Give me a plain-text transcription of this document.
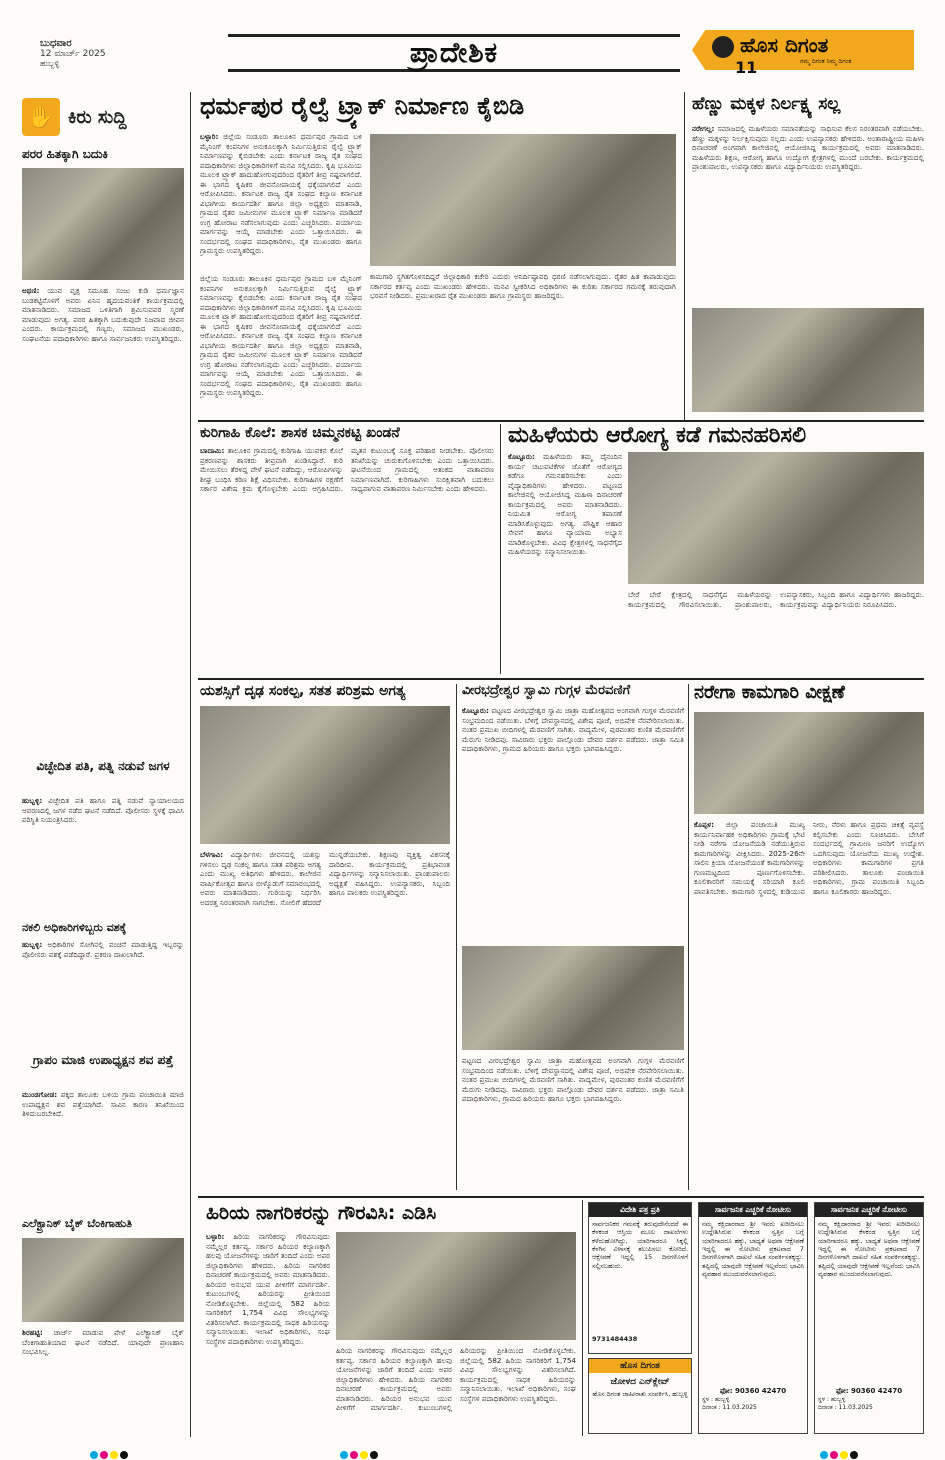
ಬುಧವಾರ
12 ಮಾರ್ಚ್ 2025
ಹುಬ್ಬಳ್ಳಿ	ಪ್ರಾದೇಶಿಕ	ಹೊಸ ದಿಗಂತ
11	ನಮ್ಮ ದಿಗಂತ ನಿಮ್ಮ ದಿಗಂತ
✋ ಕಿರು ಸುದ್ದಿ
ಪರರ ಹಿತಕ್ಕಾಗಿ ಬದುಕಿ
ಅಥಣಿ: ಯುವ ವೃಕ್ಷ ಸಮೂಹ ಸಂಜು ಕುಡಿ ಧರ್ಮಜ್ಞಾನ ಬುಡಕಟ್ಟಿನೊಳಗೆ ಅವರು ಏನಿನ ಹೃದಯವಂತಿಕೆ ಕಾರ್ಯಕ್ರಮದಲ್ಲಿ ಮಾತನಾಡಿದರು. ಸಮಾಜದ ಒಳಿತಿಗಾಗಿ ಶ್ರಮಿಸುವವರ ಸ್ಮರಣೆ ಮಾಡುವುದು ಅಗತ್ಯ. ಪರರ ಹಿತಕ್ಕಾಗಿ ಬದುಕುವುದೇ ನಿಜವಾದ ಜೀವನ ಎಂದರು. ಕಾರ್ಯಕ್ರಮದಲ್ಲಿ ಗಣ್ಯರು, ಸಮಾಜದ ಮುಖಂಡರು, ಸಂಘಟನೆಯ ಪದಾಧಿಕಾರಿಗಳು ಹಾಗೂ ಸಾರ್ವಜನಿಕರು ಉಪಸ್ಥಿತರಿದ್ದರು.
ವಿಚ್ಛೇದಿತ ಪತಿ, ಪತ್ನಿ ನಡುವೆ ಜಗಳ
ಹುಬ್ಬಳ್ಳಿ: ವಿಚ್ಛೇದಿತ ಪತಿ ಹಾಗೂ ಪತ್ನಿ ನಡುವೆ ನ್ಯಾಯಾಲಯದ ಆವರಣದಲ್ಲಿ ಜಗಳ ನಡೆದ ಘಟನೆ ನಡೆದಿದೆ. ಪೊಲೀಸರು ಸ್ಥಳಕ್ಕೆ ಧಾವಿಸಿ ಪರಿಸ್ಥಿತಿ ನಿಯಂತ್ರಿಸಿದರು.
ನಕಲಿ ಅಧಿಕಾರಿಗಳಿಬ್ಬರು ವಶಕ್ಕೆ
ಹುಬ್ಬಳ್ಳಿ: ಅಧಿಕಾರಿಗಳ ಸೋಗಿನಲ್ಲಿ ವಂಚನೆ ಮಾಡುತ್ತಿದ್ದ ಇಬ್ಬರನ್ನು ಪೊಲೀಸರು ವಶಕ್ಕೆ ಪಡೆದಿದ್ದಾರೆ. ಪ್ರಕರಣ ದಾಖಲಾಗಿದೆ.
ಗ್ರಾಪಂ ಮಾಜಿ ಉಪಾಧ್ಯಕ್ಷನ ಶವ ಪತ್ತೆ
ಮುಂಡಗೋಡ: ಪಕ್ಕದ ತಾಲೂಕು ಬಳಿಯ ಗ್ರಾಮ ಪಂಚಾಯಿತಿ ಮಾಜಿ ಉಪಾಧ್ಯಕ್ಷನ ಶವ ಪತ್ತೆಯಾಗಿದೆ. ಸಾವಿನ ಕಾರಣ ತನಿಖೆಯಿಂದ ತಿಳಿದುಬರಬೇಕಿದೆ.
ಎಲೆಕ್ಟ್ರಾನಿಕ್ ಬೈಕ್ ಬೆಂಕಿಗಾಹುತಿ
ಶಿರಹಟ್ಟಿ: ಚಾರ್ಜ್ ಮಾಡುವ ವೇಳೆ ಎಲೆಕ್ಟ್ರಾನಿಕ್ ಬೈಕ್ ಬೆಂಕಿಗಾಹುತಿಯಾದ ಘಟನೆ ನಡೆದಿದೆ. ಯಾವುದೇ ಪ್ರಾಣಹಾನಿ ಸಂಭವಿಸಿಲ್ಲ.
ಧರ್ಮಪುರ ರೈಲ್ವೆ ಟ್ರ್ಯಾಕ್ ನಿರ್ಮಾಣ ಕೈಬಿಡಿ
ಬಳ್ಳಾರಿ: ಜಿಲ್ಲೆಯ ಸಂಡೂರು ತಾಲೂಕಿನ ಧರ್ಮಪುರ ಗ್ರಾಮದ ಬಳಿ ಮೈನಿಂಗ್ ಕಂಪನಿಗಳ ಅನುಕೂಲಕ್ಕಾಗಿ ನಿರ್ಮಿಸುತ್ತಿರುವ ರೈಲ್ವೆ ಟ್ರ್ಯಾಕ್ ನಿರ್ಮಾಣವನ್ನು ಕೈಬಿಡಬೇಕು ಎಂದು ಕರ್ನಾಟಕ ರಾಜ್ಯ ರೈತ ಸಂಘದ ಪದಾಧಿಕಾರಿಗಳು ಜಿಲ್ಲಾಧಿಕಾರಿಗಳಿಗೆ ಮನವಿ ಸಲ್ಲಿಸಿದರು. ಕೃಷಿ ಭೂಮಿಯ ಮೂಲಕ ಟ್ರ್ಯಾಕ್ ಹಾದುಹೋಗುವುದರಿಂದ ರೈತರಿಗೆ ತೀವ್ರ ನಷ್ಟವಾಗಲಿದೆ. ಈ ಭಾಗದ ಕೃಷಿಕರ ಜೀವನೋಪಾಯಕ್ಕೆ ಧಕ್ಕೆಯಾಗಲಿದೆ ಎಂದು ಆರೋಪಿಸಿದರು. ಕರ್ನಾಟಕ ರಾಜ್ಯ ರೈತ ಸಂಘದ ಕಲ್ಯಾಣ ಕರ್ನಾಟಕ ವಿಭಾಗೀಯ ಕಾರ್ಯದರ್ಶಿ ಹಾಗೂ ಜಿಲ್ಲಾ ಅಧ್ಯಕ್ಷರು ಮಾತನಾಡಿ, ಗ್ರಾಮದ ರೈತರ ಜಮೀನುಗಳ ಮೂಲಕ ಟ್ರ್ಯಾಕ್ ನಿರ್ಮಾಣ ಮಾಡಿದರೆ ಉಗ್ರ ಹೋರಾಟ ನಡೆಸಲಾಗುವುದು ಎಂದು ಎಚ್ಚರಿಸಿದರು. ಪರ್ಯಾಯ ಮಾರ್ಗವನ್ನು ಆಯ್ಕೆ ಮಾಡಬೇಕು ಎಂದು ಒತ್ತಾಯಿಸಿದರು. ಈ ಸಂದರ್ಭದಲ್ಲಿ ಸಂಘದ ಪದಾಧಿಕಾರಿಗಳು, ರೈತ ಮುಖಂಡರು ಹಾಗೂ ಗ್ರಾಮಸ್ಥರು ಉಪಸ್ಥಿತರಿದ್ದರು.
ಜಿಲ್ಲೆಯ ಸಂಡೂರು ತಾಲೂಕಿನ ಧರ್ಮಪುರ ಗ್ರಾಮದ ಬಳಿ ಮೈನಿಂಗ್ ಕಂಪನಿಗಳ ಅನುಕೂಲಕ್ಕಾಗಿ ನಿರ್ಮಿಸುತ್ತಿರುವ ರೈಲ್ವೆ ಟ್ರ್ಯಾಕ್ ನಿರ್ಮಾಣವನ್ನು ಕೈಬಿಡಬೇಕು ಎಂದು ಕರ್ನಾಟಕ ರಾಜ್ಯ ರೈತ ಸಂಘದ ಪದಾಧಿಕಾರಿಗಳು ಜಿಲ್ಲಾಧಿಕಾರಿಗಳಿಗೆ ಮನವಿ ಸಲ್ಲಿಸಿದರು. ಕೃಷಿ ಭೂಮಿಯ ಮೂಲಕ ಟ್ರ್ಯಾಕ್ ಹಾದುಹೋಗುವುದರಿಂದ ರೈತರಿಗೆ ತೀವ್ರ ನಷ್ಟವಾಗಲಿದೆ. ಈ ಭಾಗದ ಕೃಷಿಕರ ಜೀವನೋಪಾಯಕ್ಕೆ ಧಕ್ಕೆಯಾಗಲಿದೆ ಎಂದು ಆರೋಪಿಸಿದರು. ಕರ್ನಾಟಕ ರಾಜ್ಯ ರೈತ ಸಂಘದ ಕಲ್ಯಾಣ ಕರ್ನಾಟಕ ವಿಭಾಗೀಯ ಕಾರ್ಯದರ್ಶಿ ಹಾಗೂ ಜಿಲ್ಲಾ ಅಧ್ಯಕ್ಷರು ಮಾತನಾಡಿ, ಗ್ರಾಮದ ರೈತರ ಜಮೀನುಗಳ ಮೂಲಕ ಟ್ರ್ಯಾಕ್ ನಿರ್ಮಾಣ ಮಾಡಿದರೆ ಉಗ್ರ ಹೋರಾಟ ನಡೆಸಲಾಗುವುದು ಎಂದು ಎಚ್ಚರಿಸಿದರು. ಪರ್ಯಾಯ ಮಾರ್ಗವನ್ನು ಆಯ್ಕೆ ಮಾಡಬೇಕು ಎಂದು ಒತ್ತಾಯಿಸಿದರು. ಈ ಸಂದರ್ಭದಲ್ಲಿ ಸಂಘದ ಪದಾಧಿಕಾರಿಗಳು, ರೈತ ಮುಖಂಡರು ಹಾಗೂ ಗ್ರಾಮಸ್ಥರು ಉಪಸ್ಥಿತರಿದ್ದರು.
ಕಾಮಗಾರಿ ಸ್ಥಗಿತಗೊಳಿಸದಿದ್ದರೆ ಜಿಲ್ಲಾಧಿಕಾರಿ ಕಚೇರಿ ಎದುರು ಅನಿರ್ದಿಷ್ಟಾವಧಿ ಧರಣಿ ನಡೆಸಲಾಗುವುದು. ರೈತರ ಹಿತ ಕಾಪಾಡುವುದು ಸರ್ಕಾರದ ಕರ್ತವ್ಯ ಎಂದು ಮುಖಂಡರು ಹೇಳಿದರು. ಮನವಿ ಸ್ವೀಕರಿಸಿದ ಅಧಿಕಾರಿಗಳು ಈ ಕುರಿತು ಸರ್ಕಾರದ ಗಮನಕ್ಕೆ ತರುವುದಾಗಿ ಭರವಸೆ ನೀಡಿದರು. ಪ್ರಮುಖರಾದ ರೈತ ಮುಖಂಡರು ಹಾಗೂ ಗ್ರಾಮಸ್ಥರು ಹಾಜರಿದ್ದರು.
ಹೆಣ್ಣು ಮಕ್ಕಳ ನಿರ್ಲಕ್ಷ್ಯ ಸಲ್ಲ
ನರೇಗಲ್ಲ: ಸಮಾಜದಲ್ಲಿ ಮಹಿಳೆಯರು ಸಮಾನತೆಯನ್ನು ಸಾಧಿಸುವ ಕೆಲಸ ನಿರಂತರವಾಗಿ ನಡೆಯಬೇಕು. ಹೆಣ್ಣು ಮಕ್ಕಳನ್ನು ನಿರ್ಲಕ್ಷಿಸುವುದು ಸಲ್ಲದು ಎಂದು ಉಪನ್ಯಾಸಕರು ಹೇಳಿದರು. ಅಂತಾರಾಷ್ಟ್ರೀಯ ಮಹಿಳಾ ದಿನಾಚರಣೆ ಅಂಗವಾಗಿ ಕಾಲೇಜಿನಲ್ಲಿ ಆಯೋಜಿಸಿದ್ದ ಕಾರ್ಯಕ್ರಮದಲ್ಲಿ ಅವರು ಮಾತನಾಡಿದರು. ಮಹಿಳೆಯರು ಶಿಕ್ಷಣ, ಆರೋಗ್ಯ ಹಾಗೂ ಉದ್ಯೋಗ ಕ್ಷೇತ್ರಗಳಲ್ಲಿ ಮುಂದೆ ಬರಬೇಕು. ಕಾರ್ಯಕ್ರಮದಲ್ಲಿ ಪ್ರಾಂಶುಪಾಲರು, ಉಪನ್ಯಾಸಕರು ಹಾಗೂ ವಿದ್ಯಾರ್ಥಿನಿಯರು ಉಪಸ್ಥಿತರಿದ್ದರು.
ಕುರಿಗಾಹಿ ಕೊಲೆ: ಶಾಸಕ ಚಿಮ್ಮನಕಟ್ಟಿ ಖಂಡನೆ
ಬಾದಾಮಿ: ತಾಲೂಕಿನ ಗ್ರಾಮದಲ್ಲಿ ಕುರಿಗಾಹಿ ಯುವಕನ ಕೊಲೆ ಪ್ರಕರಣವನ್ನು ಶಾಸಕರು ತೀವ್ರವಾಗಿ ಖಂಡಿಸಿದ್ದಾರೆ. ಕುರಿ ಮೇಯಿಸಲು ತೆರಳಿದ್ದ ವೇಳೆ ಘಟನೆ ನಡೆದಿದ್ದು, ಆರೋಪಿಗಳನ್ನು ಶೀಘ್ರ ಬಂಧಿಸಿ ಕಠಿಣ ಶಿಕ್ಷೆ ವಿಧಿಸಬೇಕು. ಕುರಿಗಾಹಿಗಳ ರಕ್ಷಣೆಗೆ ಸರ್ಕಾರ ವಿಶೇಷ ಕ್ರಮ ಕೈಗೊಳ್ಳಬೇಕು ಎಂದು ಆಗ್ರಹಿಸಿದರು. ಮೃತನ ಕುಟುಂಬಕ್ಕೆ ಸೂಕ್ತ ಪರಿಹಾರ ನೀಡಬೇಕು. ಪೊಲೀಸರು ತನಿಖೆಯನ್ನು ಚುರುಕುಗೊಳಿಸಬೇಕು ಎಂದು ಒತ್ತಾಯಿಸಿದರು. ಘಟನೆಯಿಂದ ಗ್ರಾಮದಲ್ಲಿ ಆತಂಕದ ವಾತಾವರಣ ನಿರ್ಮಾಣವಾಗಿದೆ. ಕುರಿಗಾಹಿಗಳು ಸುರಕ್ಷಿತವಾಗಿ ಬದುಕಲು ಸಾಧ್ಯವಾಗುವ ವಾತಾವರಣ ನಿರ್ಮಿಸಬೇಕು ಎಂದು ಹೇಳಿದರು.
ಮಹಿಳೆಯರು ಆರೋಗ್ಯ ಕಡೆ ಗಮನಹರಿಸಲಿ
ಕೊಟ್ಟೂರು: ಮಹಿಳೆಯರು ತಮ್ಮ ದೈನಂದಿನ ಕಾರ್ಯ ಚಟುವಟಿಕೆಗಳ ಜೊತೆಗೆ ಆರೋಗ್ಯದ ಕಡೆಗೂ ಗಮನಹರಿಸಬೇಕು ಎಂದು ವೈದ್ಯಾಧಿಕಾರಿಗಳು ಹೇಳಿದರು. ಪಟ್ಟಣದ ಕಾಲೇಜಿನಲ್ಲಿ ಆಯೋಜಿಸಿದ್ದ ಮಹಿಳಾ ದಿನಾಚರಣೆ ಕಾರ್ಯಕ್ರಮದಲ್ಲಿ ಅವರು ಮಾತನಾಡಿದರು. ನಿಯಮಿತ ಆರೋಗ್ಯ ತಪಾಸಣೆ ಮಾಡಿಸಿಕೊಳ್ಳುವುದು ಅಗತ್ಯ. ಪೌಷ್ಟಿಕ ಆಹಾರ ಸೇವನೆ ಹಾಗೂ ವ್ಯಾಯಾಮ ಅಭ್ಯಾಸ ಮಾಡಿಕೊಳ್ಳಬೇಕು. ವಿವಿಧ ಕ್ಷೇತ್ರಗಳಲ್ಲಿ ಸಾಧನೆಗೈದ ಮಹಿಳೆಯರನ್ನು ಸನ್ಮಾನಿಸಲಾಯಿತು.
ಬೇರೆ ಬೇರೆ ಕ್ಷೇತ್ರದಲ್ಲಿ ಸಾಧನೆಗೈದ ಮಹಿಳೆಯರನ್ನು ಕಾರ್ಯಕ್ರಮದಲ್ಲಿ ಗೌರವಿಸಲಾಯಿತು. ಪ್ರಾಂಶುಪಾಲರು, ಉಪನ್ಯಾಸಕರು, ಸಿಬ್ಬಂದಿ ಹಾಗೂ ವಿದ್ಯಾರ್ಥಿಗಳು ಹಾಜರಿದ್ದರು. ಕಾರ್ಯಕ್ರಮವನ್ನು ವಿದ್ಯಾರ್ಥಿನಿಯರು ನಿರೂಪಿಸಿದರು.
ಯಶಸ್ಸಿಗೆ ದೃಢ ಸಂಕಲ್ಪ, ಸತತ ಪರಿಶ್ರಮ ಅಗತ್ಯ
ಬೆಳಗಾವಿ: ವಿದ್ಯಾರ್ಥಿಗಳು ಜೀವನದಲ್ಲಿ ಯಶಸ್ಸು ಗಳಿಸಲು ದೃಢ ಸಂಕಲ್ಪ ಹಾಗೂ ಸತತ ಪರಿಶ್ರಮ ಅಗತ್ಯ ಎಂದು ಮುಖ್ಯ ಅತಿಥಿಗಳು ಹೇಳಿದರು. ಕಾಲೇಜಿನ ವಾರ್ಷಿಕೋತ್ಸವ ಹಾಗೂ ಬೀಳ್ಕೊಡುಗೆ ಸಮಾರಂಭದಲ್ಲಿ ಅವರು ಮಾತನಾಡಿದರು. ಗುರಿಯನ್ನು ನಿರ್ಧರಿಸಿ ಅದರತ್ತ ನಿರಂತರವಾಗಿ ಸಾಗಬೇಕು. ಸೋಲಿಗೆ ಹೆದರದೆ ಮುನ್ನಡೆಯಬೇಕು. ಶಿಕ್ಷಣವು ವ್ಯಕ್ತಿತ್ವ ವಿಕಸನಕ್ಕೆ ದಾರಿದೀಪ. ಕಾರ್ಯಕ್ರಮದಲ್ಲಿ ಪ್ರತಿಭಾವಂತ ವಿದ್ಯಾರ್ಥಿಗಳನ್ನು ಸನ್ಮಾನಿಸಲಾಯಿತು. ಪ್ರಾಂಶುಪಾಲರು ಅಧ್ಯಕ್ಷತೆ ವಹಿಸಿದ್ದರು. ಉಪನ್ಯಾಸಕರು, ಸಿಬ್ಬಂದಿ ಹಾಗೂ ಪಾಲಕರು ಉಪಸ್ಥಿತರಿದ್ದರು.
ವೀರಭದ್ರೇಶ್ವರ ಸ್ವಾಮಿ ಗುಗ್ಗಳ ಮೆರವಣಿಗೆ
ಕೊಟ್ಟೂರು: ಪಟ್ಟಣದ ವೀರಭದ್ರೇಶ್ವರ ಸ್ವಾಮಿ ಜಾತ್ರಾ ಮಹೋತ್ಸವದ ಅಂಗವಾಗಿ ಗುಗ್ಗಳ ಮೆರವಣಿಗೆ ಸಂಭ್ರಮದಿಂದ ನಡೆಯಿತು. ಬೆಳಿಗ್ಗೆ ದೇವಸ್ಥಾನದಲ್ಲಿ ವಿಶೇಷ ಪೂಜೆ, ಅಭಿಷೇಕ ನೆರವೇರಿಸಲಾಯಿತು. ನಂತರ ಪ್ರಮುಖ ಬೀದಿಗಳಲ್ಲಿ ಮೆರವಣಿಗೆ ಸಾಗಿತು. ವಾದ್ಯಮೇಳ, ಪುರವಂತರ ಕುಣಿತ ಮೆರವಣಿಗೆಗೆ ಮೆರುಗು ನೀಡಿದವು. ಸಾವಿರಾರು ಭಕ್ತರು ಪಾಲ್ಗೊಂಡು ದೇವರ ದರ್ಶನ ಪಡೆದರು. ಜಾತ್ರಾ ಸಮಿತಿ ಪದಾಧಿಕಾರಿಗಳು, ಗ್ರಾಮದ ಹಿರಿಯರು ಹಾಗೂ ಭಕ್ತರು ಭಾಗವಹಿಸಿದ್ದರು.
ಪಟ್ಟಣದ ವೀರಭದ್ರೇಶ್ವರ ಸ್ವಾಮಿ ಜಾತ್ರಾ ಮಹೋತ್ಸವದ ಅಂಗವಾಗಿ ಗುಗ್ಗಳ ಮೆರವಣಿಗೆ ಸಂಭ್ರಮದಿಂದ ನಡೆಯಿತು. ಬೆಳಿಗ್ಗೆ ದೇವಸ್ಥಾನದಲ್ಲಿ ವಿಶೇಷ ಪೂಜೆ, ಅಭಿಷೇಕ ನೆರವೇರಿಸಲಾಯಿತು. ನಂತರ ಪ್ರಮುಖ ಬೀದಿಗಳಲ್ಲಿ ಮೆರವಣಿಗೆ ಸಾಗಿತು. ವಾದ್ಯಮೇಳ, ಪುರವಂತರ ಕುಣಿತ ಮೆರವಣಿಗೆಗೆ ಮೆರುಗು ನೀಡಿದವು. ಸಾವಿರಾರು ಭಕ್ತರು ಪಾಲ್ಗೊಂಡು ದೇವರ ದರ್ಶನ ಪಡೆದರು. ಜಾತ್ರಾ ಸಮಿತಿ ಪದಾಧಿಕಾರಿಗಳು, ಗ್ರಾಮದ ಹಿರಿಯರು ಹಾಗೂ ಭಕ್ತರು ಭಾಗವಹಿಸಿದ್ದರು.
ನರೇಗಾ ಕಾಮಗಾರಿ ವೀಕ್ಷಣೆ
ಕೊಪ್ಪಳ: ಜಿಲ್ಲಾ ಪಂಚಾಯಿತಿ ಮುಖ್ಯ ಕಾರ್ಯನಿರ್ವಾಹಕ ಅಧಿಕಾರಿಗಳು ಗ್ರಾಮಕ್ಕೆ ಭೇಟಿ ನೀಡಿ ನರೇಗಾ ಯೋಜನೆಯಡಿ ನಡೆಯುತ್ತಿರುವ ಕಾಮಗಾರಿಗಳನ್ನು ವೀಕ್ಷಿಸಿದರು. 2025-26ನೇ ಸಾಲಿನ ಕ್ರಿಯಾ ಯೋಜನೆಯಂತೆ ಕಾಮಗಾರಿಗಳನ್ನು ಗುಣಮಟ್ಟದಿಂದ ಪೂರ್ಣಗೊಳಿಸಬೇಕು. ಕೂಲಿಕಾರರಿಗೆ ಸಮಯಕ್ಕೆ ಸರಿಯಾಗಿ ಕೂಲಿ ಪಾವತಿಸಬೇಕು. ಕಾಮಗಾರಿ ಸ್ಥಳದಲ್ಲಿ ಕುಡಿಯುವ ನೀರು, ನೆರಳು ಹಾಗೂ ಪ್ರಥಮ ಚಿಕಿತ್ಸೆ ವ್ಯವಸ್ಥೆ ಕಲ್ಪಿಸಬೇಕು ಎಂದು ಸೂಚಿಸಿದರು. ಬೇಸಿಗೆ ಸಂದರ್ಭದಲ್ಲಿ ಗ್ರಾಮೀಣ ಜನರಿಗೆ ಉದ್ಯೋಗ ಒದಗಿಸುವುದು ಯೋಜನೆಯ ಮುಖ್ಯ ಉದ್ದೇಶ. ಅಧಿಕಾರಿಗಳು ಕಾಮಗಾರಿಗಳ ಪ್ರಗತಿ ಪರಿಶೀಲಿಸಿದರು. ತಾಲೂಕು ಪಂಚಾಯಿತಿ ಅಧಿಕಾರಿಗಳು, ಗ್ರಾಮ ಪಂಚಾಯಿತಿ ಸಿಬ್ಬಂದಿ ಹಾಗೂ ಕೂಲಿಕಾರರು ಹಾಜರಿದ್ದರು.
ಹಿರಿಯ ನಾಗರಿಕರನ್ನು ಗೌರವಿಸಿ: ಎಡಿಸಿ
ಬಳ್ಳಾರಿ: ಹಿರಿಯ ನಾಗರಿಕರನ್ನು ಗೌರವಿಸುವುದು ನಮ್ಮೆಲ್ಲರ ಕರ್ತವ್ಯ. ಸರ್ಕಾರ ಹಿರಿಯರ ಕಲ್ಯಾಣಕ್ಕಾಗಿ ಹಲವು ಯೋಜನೆಗಳನ್ನು ಜಾರಿಗೆ ತಂದಿದೆ ಎಂದು ಅಪರ ಜಿಲ್ಲಾಧಿಕಾರಿಗಳು ಹೇಳಿದರು. ಹಿರಿಯ ನಾಗರಿಕರ ದಿನಾಚರಣೆ ಕಾರ್ಯಕ್ರಮದಲ್ಲಿ ಅವರು ಮಾತನಾಡಿದರು. ಹಿರಿಯರ ಅನುಭವ ಯುವ ಪೀಳಿಗೆಗೆ ಮಾರ್ಗದರ್ಶಿ. ಕುಟುಂಬಗಳಲ್ಲಿ ಹಿರಿಯರನ್ನು ಪ್ರೀತಿಯಿಂದ ನೋಡಿಕೊಳ್ಳಬೇಕು. ಜಿಲ್ಲೆಯಲ್ಲಿ 582 ಹಿರಿಯ ನಾಗರಿಕರಿಗೆ 1,754 ವಿವಿಧ ಸೌಲಭ್ಯಗಳನ್ನು ವಿತರಿಸಲಾಗಿದೆ. ಕಾರ್ಯಕ್ರಮದಲ್ಲಿ ಸಾಧಕ ಹಿರಿಯರನ್ನು ಸನ್ಮಾನಿಸಲಾಯಿತು. ಇಲಾಖೆ ಅಧಿಕಾರಿಗಳು, ಸಂಘ ಸಂಸ್ಥೆಗಳ ಪದಾಧಿಕಾರಿಗಳು ಉಪಸ್ಥಿತರಿದ್ದರು.
ಹಿರಿಯ ನಾಗರಿಕರನ್ನು ಗೌರವಿಸುವುದು ನಮ್ಮೆಲ್ಲರ ಕರ್ತವ್ಯ. ಸರ್ಕಾರ ಹಿರಿಯರ ಕಲ್ಯಾಣಕ್ಕಾಗಿ ಹಲವು ಯೋಜನೆಗಳನ್ನು ಜಾರಿಗೆ ತಂದಿದೆ ಎಂದು ಅಪರ ಜಿಲ್ಲಾಧಿಕಾರಿಗಳು ಹೇಳಿದರು. ಹಿರಿಯ ನಾಗರಿಕರ ದಿನಾಚರಣೆ ಕಾರ್ಯಕ್ರಮದಲ್ಲಿ ಅವರು ಮಾತನಾಡಿದರು. ಹಿರಿಯರ ಅನುಭವ ಯುವ ಪೀಳಿಗೆಗೆ ಮಾರ್ಗದರ್ಶಿ. ಕುಟುಂಬಗಳಲ್ಲಿ ಹಿರಿಯರನ್ನು ಪ್ರೀತಿಯಿಂದ ನೋಡಿಕೊಳ್ಳಬೇಕು. ಜಿಲ್ಲೆಯಲ್ಲಿ 582 ಹಿರಿಯ ನಾಗರಿಕರಿಗೆ 1,754 ವಿವಿಧ ಸೌಲಭ್ಯಗಳನ್ನು ವಿತರಿಸಲಾಗಿದೆ. ಕಾರ್ಯಕ್ರಮದಲ್ಲಿ ಸಾಧಕ ಹಿರಿಯರನ್ನು ಸನ್ಮಾನಿಸಲಾಯಿತು. ಇಲಾಖೆ ಅಧಿಕಾರಿಗಳು, ಸಂಘ ಸಂಸ್ಥೆಗಳ ಪದಾಧಿಕಾರಿಗಳು ಉಪಸ್ಥಿತರಿದ್ದರು.
ವಿದೇಶಿ ಪತ್ರ ಪ್ರತಿ
ಸಾರ್ವಜನಿಕರ ಗಮನಕ್ಕೆ ತರುವುದೇನೆಂದರೆ ಈ ಕೆಳಕಂಡ ಆಸ್ತಿಯ ಮೂಲ ದಾಖಲೆಗಳು ಕಳೆದುಹೋಗಿದ್ದು, ಯಾರಿಗಾದರೂ ಸಿಕ್ಕಲ್ಲಿ ಕೆಳಗಿನ ವಿಳಾಸಕ್ಕೆ ತಲುಪಿಸಲು ಕೋರಿದೆ. ಆಕ್ಷೇಪಣೆ ಇದ್ದಲ್ಲಿ 15 ದಿನಗಳೊಳಗೆ ಸಲ್ಲಿಸಬಹುದು.
9731484438
ಹೊಸ ದಿಗಂತ
ಜೋಳದ ಎನ್‌ಕ್ಲೇವ್
ಹೊಸ ದಿಗಂತ ಜಾಹೀರಾತು ಸಂಪರ್ಕಿಸಿ, ಹುಬ್ಬಳ್ಳಿ
ಸಾರ್ವಜನಿಕ ಎಚ್ಚರಿಕೆ ನೋಟೀಸು
ನಮ್ಮ ಕಕ್ಷಿದಾರರಾದ ಶ್ರೀ ಇವರು ಖರೀದಿಸಲು ಉದ್ದೇಶಿಸಿರುವ ಕೆಳಕಂಡ ಸ್ವತ್ತಿನ ಬಗ್ಗೆ ಯಾರಿಗಾದರೂ ಹಕ್ಕು, ಬಾಧ್ಯತೆ ಅಥವಾ ಆಕ್ಷೇಪಣೆ ಇದ್ದಲ್ಲಿ ಈ ನೋಟೀಸು ಪ್ರಕಟವಾದ 7 ದಿನಗಳೊಳಗಾಗಿ ದಾಖಲೆ ಸಹಿತ ಸಂಪರ್ಕಿಸತಕ್ಕದ್ದು. ತಪ್ಪಿದಲ್ಲಿ ಯಾವುದೇ ಆಕ್ಷೇಪಣೆ ಇಲ್ಲವೆಂದು ಭಾವಿಸಿ ವ್ಯವಹಾರ ಮುಂದುವರೆಸಲಾಗುವುದು.
ಫೋ: 90360 42470
ಸ್ಥಳ : ಹುಬ್ಬಳ್ಳಿ
ದಿನಾಂಕ : 11.03.2025
ಸಾರ್ವಜನಿಕ ಎಚ್ಚರಿಕೆ ನೋಟೀಸು
ನಮ್ಮ ಕಕ್ಷಿದಾರರಾದ ಶ್ರೀ ಇವರು ಖರೀದಿಸಲು ಉದ್ದೇಶಿಸಿರುವ ಕೆಳಕಂಡ ಸ್ವತ್ತಿನ ಬಗ್ಗೆ ಯಾರಿಗಾದರೂ ಹಕ್ಕು, ಬಾಧ್ಯತೆ ಅಥವಾ ಆಕ್ಷೇಪಣೆ ಇದ್ದಲ್ಲಿ ಈ ನೋಟೀಸು ಪ್ರಕಟವಾದ 7 ದಿನಗಳೊಳಗಾಗಿ ದಾಖಲೆ ಸಹಿತ ಸಂಪರ್ಕಿಸತಕ್ಕದ್ದು. ತಪ್ಪಿದಲ್ಲಿ ಯಾವುದೇ ಆಕ್ಷೇಪಣೆ ಇಲ್ಲವೆಂದು ಭಾವಿಸಿ ವ್ಯವಹಾರ ಮುಂದುವರೆಸಲಾಗುವುದು.
ಫೋ: 90360 42470
ಸ್ಥಳ : ಹುಬ್ಬಳ್ಳಿ
ದಿನಾಂಕ : 11.03.2025
